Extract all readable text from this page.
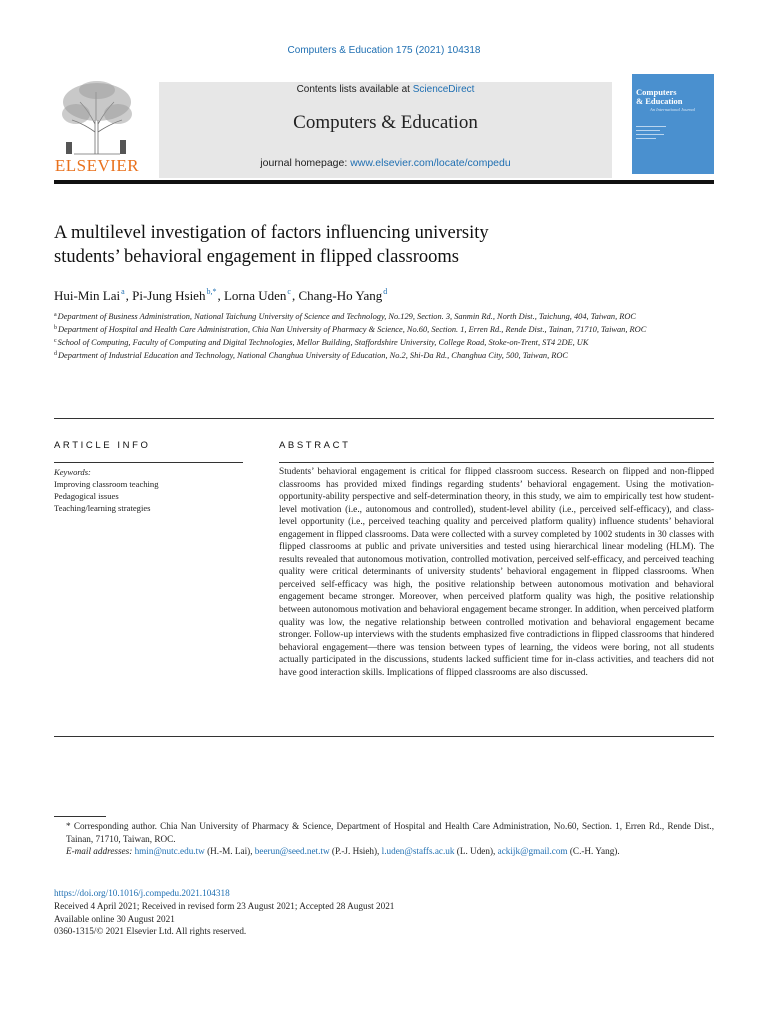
Computers & Education 175 (2021) 104318
ELSEVIER
Contents lists available at ScienceDirect
Computers & Education
journal homepage: www.elsevier.com/locate/compedu
Computers
& Education
An International Journal
A multilevel investigation of factors influencing university
students’ behavioral engagement in flipped classrooms
Hui-Min Lai$^a$, Pi-Jung Hsieh$^{b,*}$, Lorna Uden$^c$, Chang-Ho Yang$^d$
$^a$Department of Business Administration, National Taichung University of Science and Technology, No.129, Section. 3, Sanmin Rd., North Dist., Taichung, 404, Taiwan, ROC
$^b$Department of Hospital and Health Care Administration, Chia Nan University of Pharmacy & Science, No.60, Section. 1, Erren Rd., Rende Dist., Tainan, 71710, Taiwan, ROC
$^c$School of Computing, Faculty of Computing and Digital Technologies, Mellor Building, Staffordshire University, College Road, Stoke-on-Trent, ST4 2DE, UK
$^d$Department of Industrial Education and Technology, National Changhua University of Education, No.2, Shi-Da Rd., Changhua City, 500, Taiwan, ROC
ARTICLE INFO	ABSTRACT
Keywords:
Improving classroom teaching
Pedagogical issues
Teaching/learning strategies
Students’ behavioral engagement is critical for flipped classroom success. Research on flipped and non-flipped classrooms has provided mixed findings regarding students’ behavioral engagement. Using the motivation-opportunity-ability perspective and self-determination theory, in this study, we aim to empirically test how student-level motivation (i.e., autonomous and controlled), student-level ability (i.e., perceived self-efficacy), and class-level opportunity (i.e., perceived teaching quality and perceived platform quality) influence students’ behavioral engagement in flipped classrooms. Data were collected with a survey completed by 1002 students in 30 classes with flipped classrooms at public and private universities and tested using hierarchical linear modeling (HLM). The results revealed that autonomous motivation, controlled motivation, perceived self-efficacy, and perceived teaching quality were critical determinants of university students’ behavioral engagement in flipped classrooms. When perceived self-efficacy was high, the positive relationship between autonomous motivation and behavioral engagement became stronger. Moreover, when perceived platform quality was high, the positive relationship between autonomous motivation and behavioral engagement became stronger. In addition, when perceived platform quality was low, the negative relationship between controlled motivation and behavioral engagement became stronger. Follow-up interviews with the students emphasized five contradictions in flipped classrooms that hindered behavioral engagement—there was tension between types of learning, the videos were boring, not all students actually participated in the discussions, students lacked sufficient time for in-class activities, and teachers did not have good interaction skills. Implications of flipped classrooms are also discussed.
* Corresponding author. Chia Nan University of Pharmacy & Science, Department of Hospital and Health Care Administration, No.60, Section. 1, Erren Rd., Rende Dist., Tainan, 71710, Taiwan, ROC.
E-mail addresses: hmin@nutc.edu.tw (H.-M. Lai), beerun@seed.net.tw (P.-J. Hsieh), l.uden@staffs.ac.uk (L. Uden), ackijk@gmail.com (C.-H. Yang).
https://doi.org/10.1016/j.compedu.2021.104318
Received 4 April 2021; Received in revised form 23 August 2021; Accepted 28 August 2021
Available online 30 August 2021
0360-1315/© 2021 Elsevier Ltd. All rights reserved.
